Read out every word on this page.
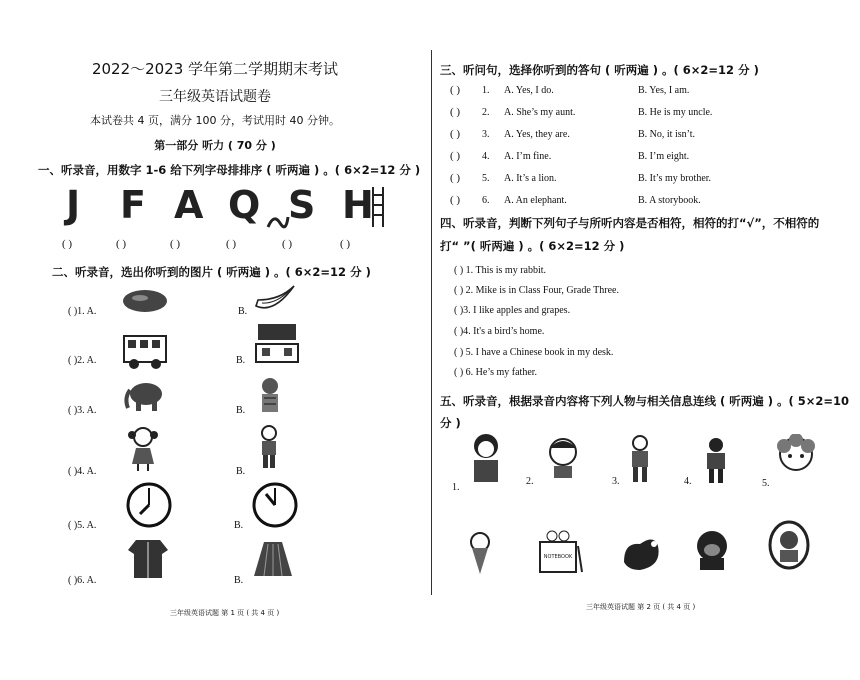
2022～2023 学年第二学期期末考试
三年级英语试题卷
本试卷共 4 页，满分 100 分，考试用时 40 分钟。
第一部分 听力 ( 70 分 )
一、听录音，用数字 1-6 给下列字母排排序 ( 听两遍 ) 。( 6×2=12 分 )
J F A Q S H
( )	( )	( )	( )	( )	( )
二、听录音，选出你听到的图片 ( 听两遍 ) 。( 6×2=12 分 )
( )1. A.	B.
( )2. A.	B.
( )3. A.	B.
( )4. A.	B.
( )5. A.	B.
( )6. A.	B.
三年级英语试题 第 1 页 ( 共 4 页 )
三、听问句，选择你听到的答句 ( 听两遍 ) 。( 6×2=12 分 )
( ) 1. A. Yes, I do.	B. Yes, I am.
( ) 2. A. She’s my aunt.	B. He is my uncle.
( ) 3. A. Yes, they are.	B. No, it isn’t.
( ) 4. A. I’m fine.	B. I’m eight.
( ) 5. A. It’s a lion.	B. It’s my brother.
( ) 6. A. An elephant.	B. A storybook.
四、听录音，判断下列句子与所听内容是否相符，相符的打“√”，不相符的
打“ ”( 听两遍 ) 。( 6×2=12 分 )
( ) 1. This is my rabbit.
( ) 2. Mike is in Class Four, Grade Three.
( )3. I like apples and grapes.
( )4. It's a bird’s home.
( ) 5. I have a Chinese book in my desk.
( ) 6. He’s my father.
五、听录音，根据录音内容将下列人物与相关信息连线 ( 听两遍 ) 。( 5×2=10
分 )
1.
2.	3.	4.	5.
NOTEBOOK
三年级英语试题 第 2 页 ( 共 4 页 )
